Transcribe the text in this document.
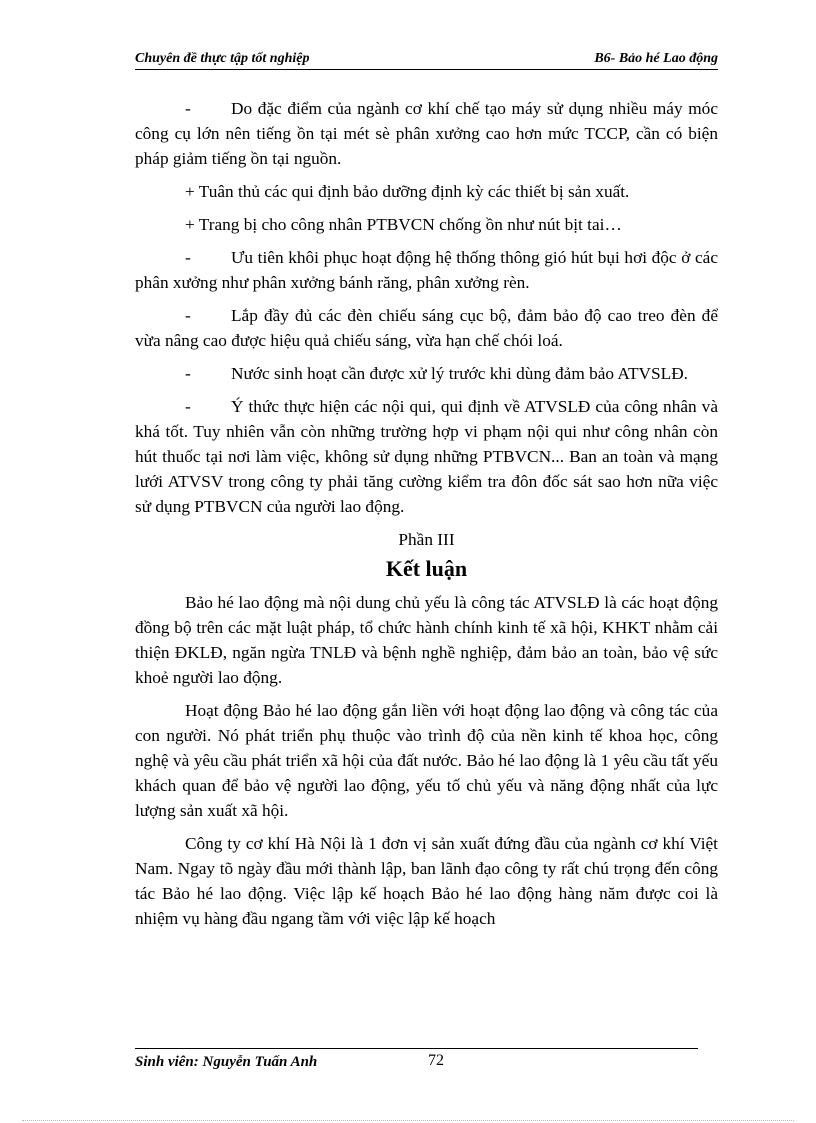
Chuyên đề thực tập tốt nghiệp	B6- Bảo hé Lao động

- Do đặc điểm của ngành cơ khí chế tạo máy sử dụng nhiều máy móc công cụ lớn nên tiếng ồn tại mét sè phân xưởng cao hơn mức TCCP, cần có biện pháp giảm tiếng ồn tại nguồn.

+ Tuân thủ các qui định bảo dưỡng định kỳ các thiết bị sản xuất.

+ Trang bị cho công nhân PTBVCN chống ồn như nút bịt tai…

- Ưu tiên khôi phục hoạt động hệ thống thông gió hút bụi hơi độc ở các phân xưởng như phân xưởng bánh răng, phân xưởng rèn.

- Lắp đầy đủ các đèn chiếu sáng cục bộ, đảm bảo độ cao treo đèn để vừa nâng cao được hiệu quả chiếu sáng, vừa hạn chế chói loá.

- Nước sinh hoạt cần được xử lý trước khi dùng đảm bảo ATVSLĐ.

- Ý thức thực hiện các nội qui, qui định về ATVSLĐ của công nhân và khá tốt. Tuy nhiên vẫn còn những trường hợp vi phạm nội qui như công nhân còn hút thuốc tại nơi làm việc, không sử dụng những PTBVCN... Ban an toàn và mạng lưới ATVSV trong công ty phải tăng cường kiểm tra đôn đốc sát sao hơn nữa việc sử dụng PTBVCN của người lao động.

Phần III
Kết luận

Bảo hé lao động mà nội dung chủ yếu là công tác ATVSLĐ là các hoạt động đồng bộ trên các mặt luật pháp, tổ chức hành chính kinh tế xã hội, KHKT nhằm cải thiện ĐKLĐ, ngăn ngừa TNLĐ và bệnh nghề nghiệp, đảm bảo an toàn, bảo vệ sức khoẻ người lao động.

Hoạt động Bảo hé lao động gắn liền với hoạt động lao động và công tác của con người. Nó phát triển phụ thuộc vào trình độ của nền kinh tế khoa học, công nghệ và yêu cầu phát triển xã hội của đất nước. Bảo hé lao động là 1 yêu cầu tất yếu khách quan để bảo vệ người lao động, yếu tố chủ yếu và năng động nhất của lực lượng sản xuất xã hội.

Công ty cơ khí Hà Nội là 1 đơn vị sản xuất đứng đầu của ngành cơ khí Việt Nam. Ngay tõ ngày đầu mới thành lập, ban lãnh đạo công ty rất chú trọng đến công tác Bảo hé lao động. Việc lập kế hoạch Bảo hé lao động hàng năm được coi là nhiệm vụ hàng đầu ngang tầm với việc lập kế hoạch

Sinh viên: Nguyễn Tuấn Anh	72
